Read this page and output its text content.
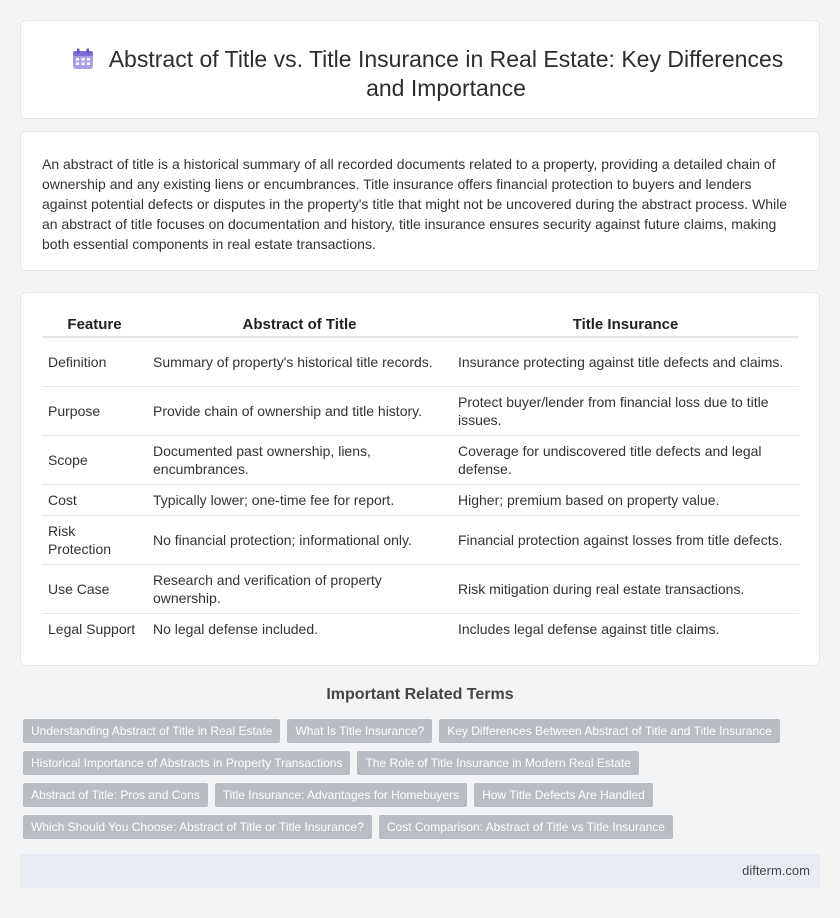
Abstract of Title vs. Title Insurance in Real Estate: Key Differences and Importance

An abstract of title is a historical summary of all recorded documents related to a property, providing a detailed chain of ownership and any existing liens or encumbrances. Title insurance offers financial protection to buyers and lenders against potential defects or disputes in the property's title that might not be uncovered during the abstract process. While an abstract of title focuses on documentation and history, title insurance ensures security against future claims, making both essential components in real estate transactions.

Feature	Abstract of Title	Title Insurance
Definition	Summary of property's historical title records.	Insurance protecting against title defects and claims.
Purpose	Provide chain of ownership and title history.	Protect buyer/lender from financial loss due to title issues.
Scope	Documented past ownership, liens, encumbrances.	Coverage for undiscovered title defects and legal defense.
Cost	Typically lower; one-time fee for report.	Higher; premium based on property value.
Risk Protection	No financial protection; informational only.	Financial protection against losses from title defects.
Use Case	Research and verification of property ownership.	Risk mitigation during real estate transactions.
Legal Support	No legal defense included.	Includes legal defense against title claims.
Important Related Terms
Understanding Abstract of Title in Real Estate	What Is Title Insurance?	Key Differences Between Abstract of Title and Title Insurance
Historical Importance of Abstracts in Property Transactions	The Role of Title Insurance in Modern Real Estate
Abstract of Title: Pros and Cons	Title Insurance: Advantages for Homebuyers	How Title Defects Are Handled
Which Should You Choose: Abstract of Title or Title Insurance?	Cost Comparison: Abstract of Title vs Title Insurance
difterm.com
